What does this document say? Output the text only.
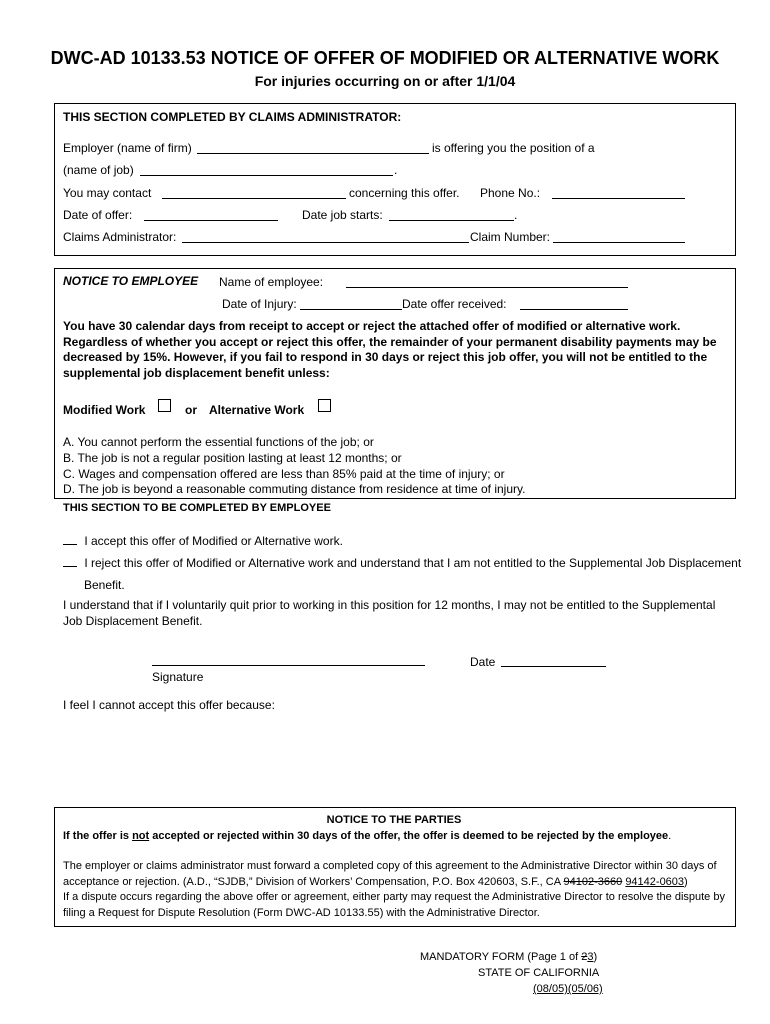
DWC-AD 10133.53 NOTICE OF OFFER OF MODIFIED OR ALTERNATIVE WORK
For injuries occurring on or after 1/1/04
THIS SECTION COMPLETED BY CLAIMS ADMINISTRATOR:
Employer (name of firm)	is offering you the position of a
(name of job)	.
You may contact	concerning this offer. Phone No.:
Date of offer:	Date job starts:	.
Claims Administrator:	Claim Number:
NOTICE TO EMPLOYEE Name of employee:
Date of Injury:	Date offer received:
You have 30 calendar days from receipt to accept or reject the attached offer of modified or alternative work. Regardless of whether you accept or reject this offer, the remainder of your permanent disability payments may be decreased by 15%. However, if you fail to respond in 30 days or reject this job offer, you will not be entitled to the supplemental job displacement benefit unless:
Modified Work	or Alternative Work
A. You cannot perform the essential functions of the job; or
B. The job is not a regular position lasting at least 12 months; or
C. Wages and compensation offered are less than 85% paid at the time of injury; or
D. The job is beyond a reasonable commuting distance from residence at time of injury.
THIS SECTION TO BE COMPLETED BY EMPLOYEE
I accept this offer of Modified or Alternative work.
I reject this offer of Modified or Alternative work and understand that I am not entitled to the Supplemental Job Displacement
Benefit.
I understand that if I voluntarily quit prior to working in this position for 12 months, I may not be entitled to the Supplemental Job Displacement Benefit.
Signature
Date
I feel I cannot accept this offer because:
NOTICE TO THE PARTIES
If the offer is not accepted or rejected within 30 days of the offer, the offer is deemed to be rejected by the employee.
The employer or claims administrator must forward a completed copy of this agreement to the Administrative Director within 30 days of acceptance or rejection. (A.D., “SJDB,” Division of Workers’ Compensation, P.O. Box 420603, S.F., CA 94102-3660 94142-0603)
If a dispute occurs regarding the above offer or agreement, either party may request the Administrative Director to resolve the dispute by filing a Request for Dispute Resolution (Form DWC-AD 10133.55) with the Administrative Director.
MANDATORY FORM (Page 1 of 23)
STATE OF CALIFORNIA
(08/05)(05/06)
